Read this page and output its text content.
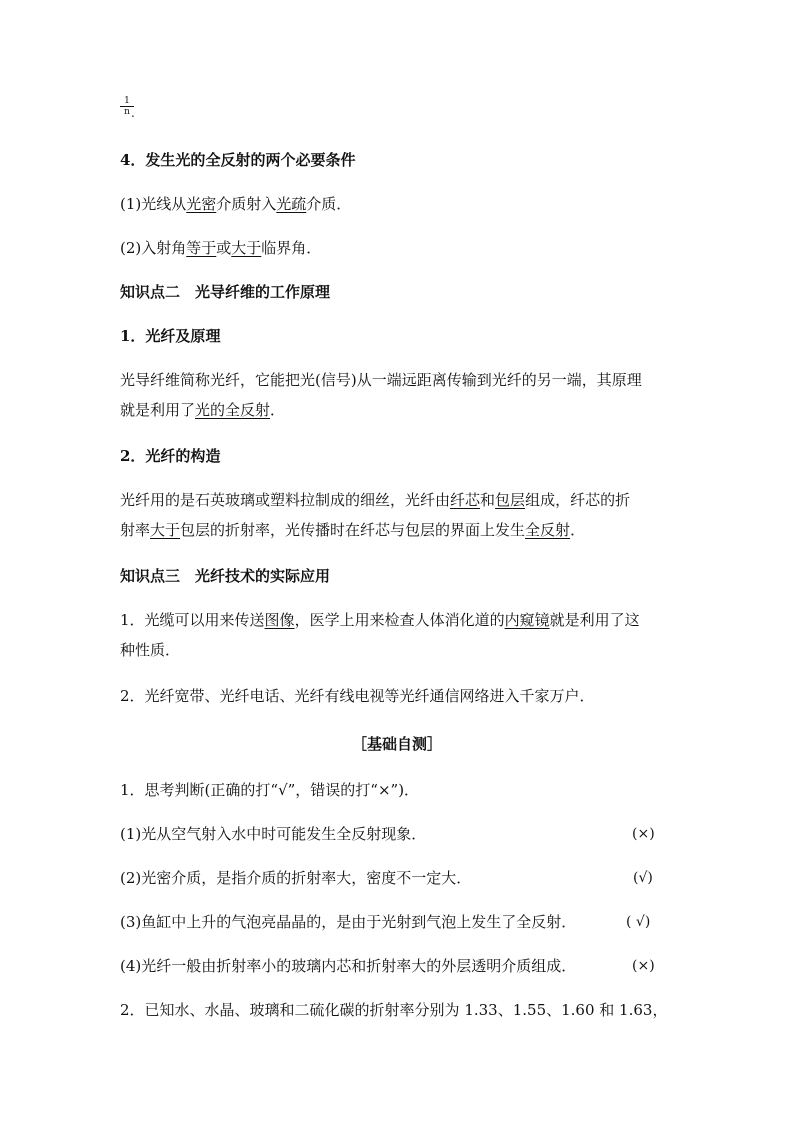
$\frac{1}{n}$
.
4．发生光的全反射的两个必要条件
(1)光线从光密介质射入光疏介质．
(2)入射角等于或大于临界角．
知识点二　光导纤维的工作原理
1．光纤及原理
光导纤维简称光纤，它能把光(信号)从一端远距离传输到光纤的另一端，其原理
就是利用了光的全反射．
2．光纤的构造
光纤用的是石英玻璃或塑料拉制成的细丝，光纤由纤芯和包层组成，纤芯的折
射率大于包层的折射率，光传播时在纤芯与包层的界面上发生全反射．
知识点三　光纤技术的实际应用
1．光缆可以用来传送图像，医学上用来检查人体消化道的内窥镜就是利用了这
种性质．
2．光纤宽带、光纤电话、光纤有线电视等光纤通信网络进入千家万户．
［基础自测］
1．思考判断(正确的打“√”，错误的打“×”)．
(1)光从空气射入水中时可能发生全反射现象．	(×)
(2)光密介质，是指介质的折射率大，密度不一定大．	(√)
(3)鱼缸中上升的气泡亮晶晶的，是由于光射到气泡上发生了全反射．	( √)
(4)光纤一般由折射率小的玻璃内芯和折射率大的外层透明介质组成．	(×)
2．已知水、水晶、玻璃和二硫化碳的折射率分别为 1.33、1.55、1.60 和 1.63，
